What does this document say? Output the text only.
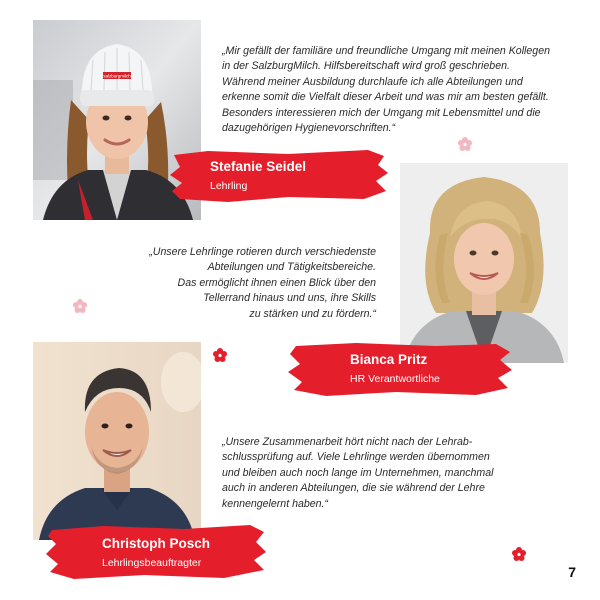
salzburgmilch

„Mir gefällt der familiäre und freundliche Umgang mit meinen Kollegen
in der SalzburgMilch. Hilfsbereitschaft wird groß geschrieben.
Während meiner Ausbildung durchlaufe ich alle Abteilungen und
erkenne somit die Vielfalt dieser Arbeit und was mir am besten gefällt.
Besonders interessieren mich der Umgang mit Lebensmittel und die
dazugehörigen Hygienevorschriften.“

Stefanie Seidel
Lehrling

„Unsere Lehrlinge rotieren durch verschiedenste
Abteilungen und Tätigkeitsbereiche.
Das ermöglicht ihnen einen Blick über den
Tellerrand hinaus und uns, ihre Skills
zu stärken und zu fördern.“

Bianca Pritz
HR Verantwortliche

„Unsere Zusammenarbeit hört nicht nach der Lehrab-
schlussprüfung auf. Viele Lehrlinge werden übernommen
und bleiben auch noch lange im Unternehmen, manchmal
auch in anderen Abteilungen, die sie während der Lehre
kennengelernt haben.“

Christoph Posch
Lehrlingsbeauftragter
7
